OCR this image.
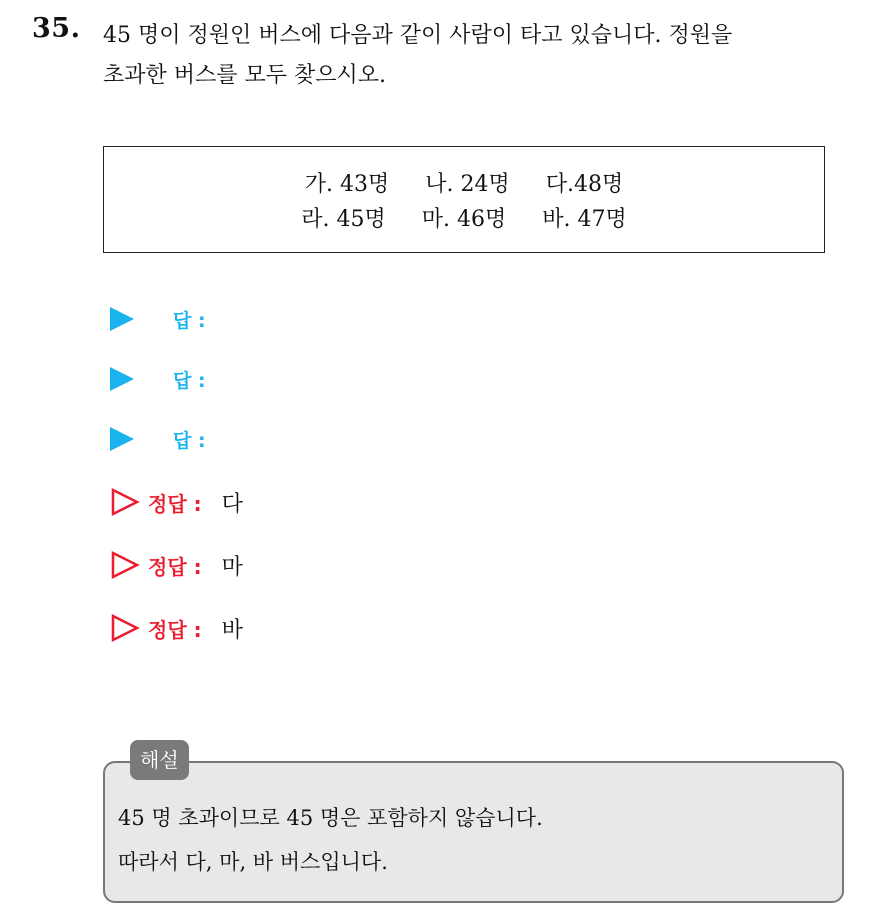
35. 45 명이 정원인 버스에 다음과 같이 사람이 타고 있습니다. 정원을
초과한 버스를 모두 찾으시오.
가. 43명 나. 24명 다.48명
라. 45명 마. 46명 바. 47명
답 :
답 :
답 :
정답 : 다
정답 : 마
정답 : 바
해설
45 명 초과이므로 45 명은 포함하지 않습니다.
따라서 다, 마, 바 버스입니다.
